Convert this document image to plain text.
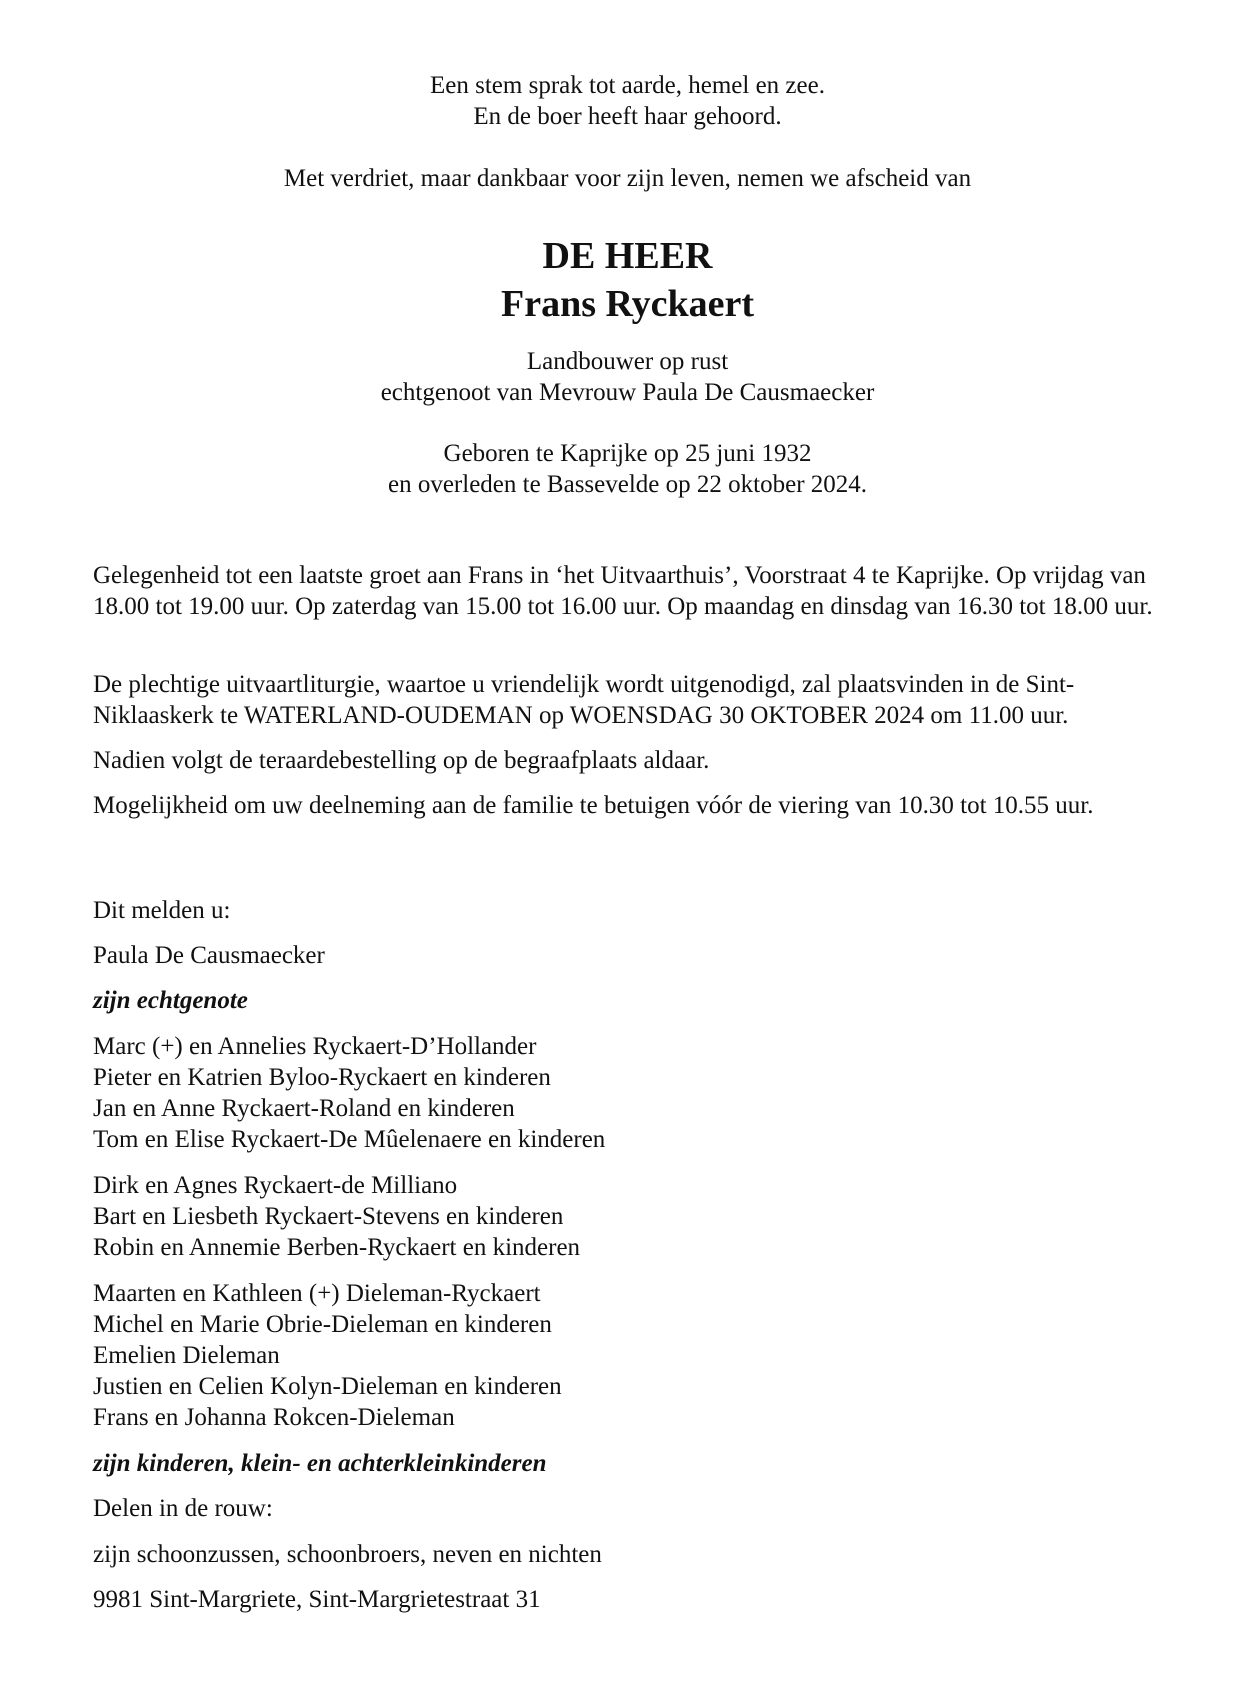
Een stem sprak tot aarde, hemel en zee.
En de boer heeft haar gehoord.
Met verdriet, maar dankbaar voor zijn leven, nemen we afscheid van
DE HEER
Frans Ryckaert
Landbouwer op rust
echtgenoot van Mevrouw Paula De Causmaecker
Geboren te Kaprijke op 25 juni 1932
en overleden te Bassevelde op 22 oktober 2024.

Gelegenheid tot een laatste groet aan Frans in ‘het Uitvaarthuis’, Voorstraat 4 te Kaprijke. Op vrijdag van 18.00 tot 19.00 uur. Op zaterdag van 15.00 tot 16.00 uur. Op maandag en dinsdag van 16.30 tot 18.00 uur.

De plechtige uitvaartliturgie, waartoe u vriendelijk wordt uitgenodigd, zal plaatsvinden in de Sint-Niklaaskerk te WATERLAND-OUDEMAN op WOENSDAG 30 OKTOBER 2024 om 11.00 uur.

Nadien volgt de teraardebestelling op de begraafplaats aldaar.

Mogelijkheid om uw deelneming aan de familie te betuigen vóór de viering van 10.30 tot 10.55 uur.

Dit melden u:
Paula De Causmaecker
zijn echtgenote
Marc (+) en Annelies Ryckaert-D’Hollander
Pieter en Katrien Byloo-Ryckaert en kinderen
Jan en Anne Ryckaert-Roland en kinderen
Tom en Elise Ryckaert-De Mûelenaere en kinderen
Dirk en Agnes Ryckaert-de Milliano
Bart en Liesbeth Ryckaert-Stevens en kinderen
Robin en Annemie Berben-Ryckaert en kinderen
Maarten en Kathleen (+) Dieleman-Ryckaert
Michel en Marie Obrie-Dieleman en kinderen
Emelien Dieleman
Justien en Celien Kolyn-Dieleman en kinderen
Frans en Johanna Rokcen-Dieleman
zijn kinderen, klein- en achterkleinkinderen
Delen in de rouw:
zijn schoonzussen, schoonbroers, neven en nichten
9981 Sint-Margriete, Sint-Margrietestraat 31
